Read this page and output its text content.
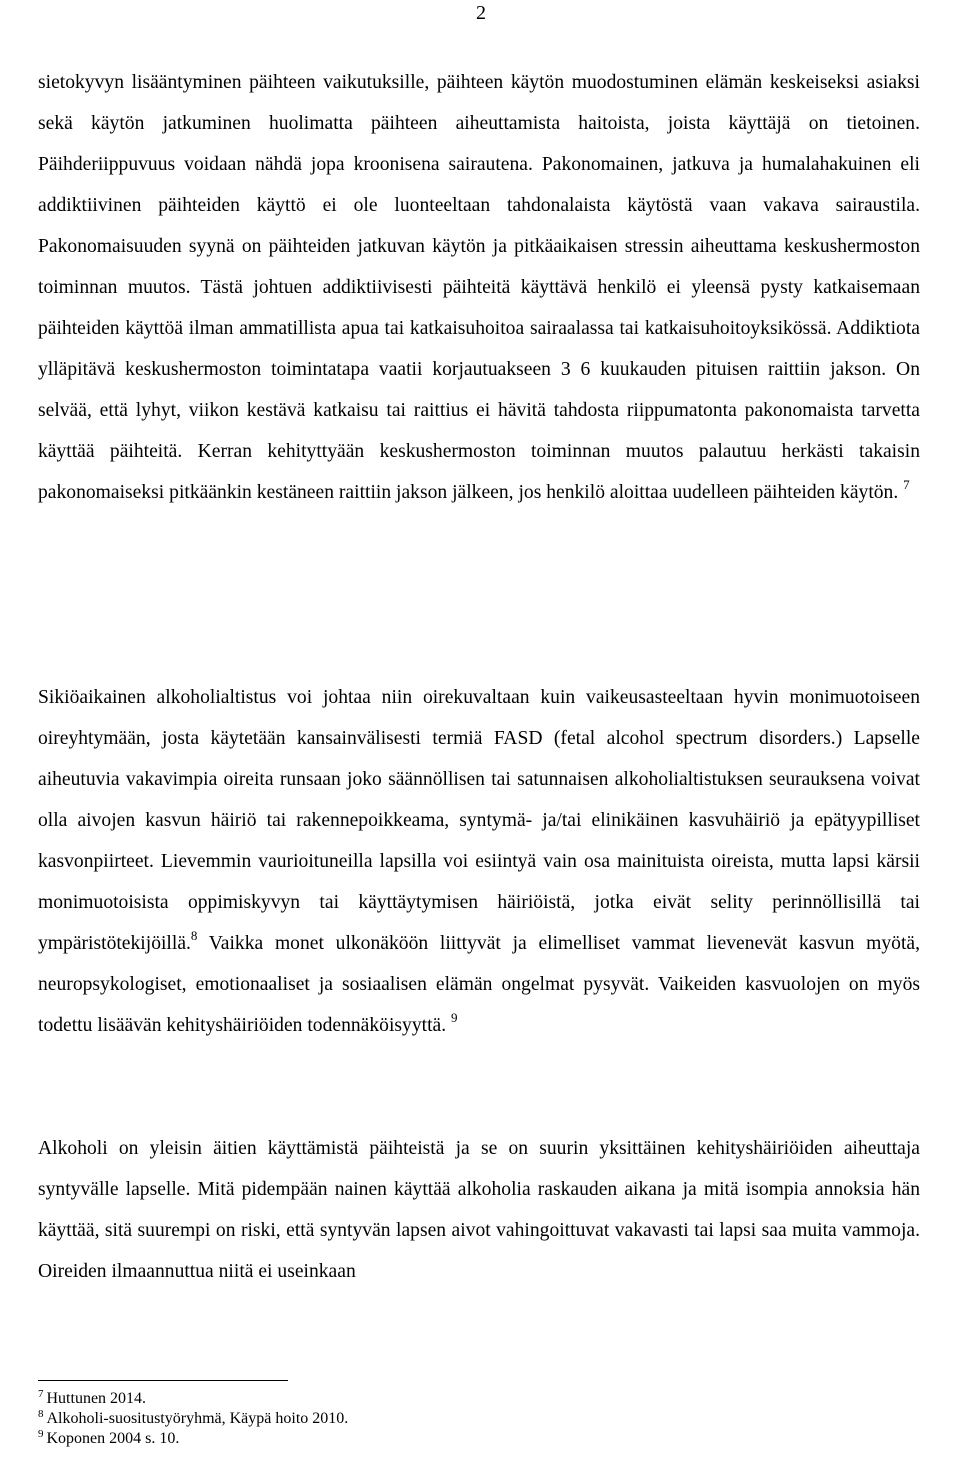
2

sietokyvyn lisääntyminen päihteen vaikutuksille, päihteen käytön muodostuminen elämän keskeiseksi asiaksi sekä käytön jatkuminen huolimatta päihteen aiheuttamista haitoista, joista käyttäjä on tietoinen. Päihderiippuvuus voidaan nähdä jopa kroonisena sairautena. Pakonomainen, jatkuva ja humalahakuinen eli addiktiivinen päihteiden käyttö ei ole luonteeltaan tahdonalaista käytöstä vaan vakava sairaustila. Pakonomaisuuden syynä on päihteiden jatkuvan käytön ja pitkäaikaisen stressin aiheuttama keskushermoston toiminnan muutos. Tästä johtuen addiktiivisesti päihteitä käyttävä henkilö ei yleensä pysty katkaisemaan päihteiden käyttöä ilman ammatillista apua tai katkaisuhoitoa sairaalassa tai katkaisuhoitoyksikössä. Addiktiota ylläpitävä keskushermoston toimintatapa vaatii korjautuakseen 3 6 kuukauden pituisen raittiin jakson. On selvää, että lyhyt, viikon kestävä katkaisu tai raittius ei hävitä tahdosta riippumatonta pakonomaista tarvetta käyttää päihteitä. Kerran kehityttyään keskushermoston toiminnan muutos palautuu herkästi takaisin pakonomaiseksi pitkäänkin kestäneen raittiin jakson jälkeen, jos henkilö aloittaa uudelleen päihteiden käytön. $^7$

Sikiöaikainen alkoholialtistus voi johtaa niin oirekuvaltaan kuin vaikeusasteeltaan hyvin monimuotoiseen oireyhtymään, josta käytetään kansainvälisesti termiä FASD (fetal alcohol spectrum disorders.) Lapselle aiheutuvia vakavimpia oireita runsaan joko säännöllisen tai satunnaisen alkoholialtistuksen seurauksena voivat olla aivojen kasvun häiriö tai rakennepoikkeama, syntymä- ja/tai elinikäinen kasvuhäiriö ja epätyypilliset kasvonpiirteet. Lievemmin vaurioituneilla lapsilla voi esiintyä vain osa mainituista oireista, mutta lapsi kärsii monimuotoisista oppimiskyvyn tai käyttäytymisen häiriöistä, jotka eivät selity perinnöllisillä tai ympäristötekijöillä.$^8$ Vaikka monet ulkonäköön liittyvät ja elimelliset vammat lievenevät kasvun myötä, neuropsykologiset, emotionaaliset ja sosiaalisen elämän ongelmat pysyvät. Vaikeiden kasvuolojen on myös todettu lisäävän kehityshäiriöiden todennäköisyyttä. $^9$

Alkoholi on yleisin äitien käyttämistä päihteistä ja se on suurin yksittäinen kehityshäiriöiden aiheuttaja syntyvälle lapselle. Mitä pidempään nainen käyttää alkoholia raskauden aikana ja mitä isompia annoksia hän käyttää, sitä suurempi on riski, että syntyvän lapsen aivot vahingoittuvat vakavasti tai lapsi saa muita vammoja. Oireiden ilmaannuttua niitä ei useinkaan

$^7$ Huttunen 2014.

$^8$ Alkoholi-suositustyöryhmä, Käypä hoito 2010.

$^9$ Koponen 2004 s. 10.
